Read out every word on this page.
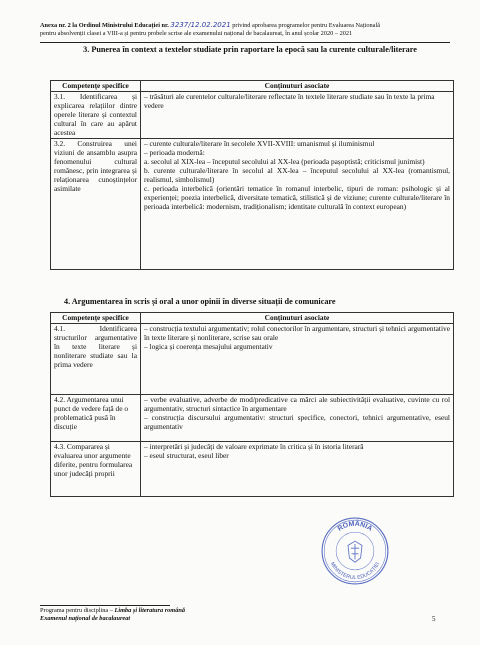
Anexa nr. 2 la Ordinul Ministrului Educației nr. 3237/12.02.2021 privind aprobarea programelor pentru Evaluarea Națională
pentru absolvenții clasei a VIII-a și pentru probele scrise ale examenului național de bacalaureat, în anul școlar 2020 – 2021
3. Punerea în context a textelor studiate prin raportare la epocă sau la curente culturale/literare
Competențe specifice	Conținuturi asociate
3.1. Identificarea și explicarea relațiilor dintre operele literare și contextul cultural în care au apărut acestea	– trăsături ale curentelor culturale/literare reflectate în textele literare studiate sau în texte la prima vedere

3.2. Construirea unei viziuni de ansamblu asupra fenomenului cultural românesc, prin integrarea și relaționarea cunoștințelor asimilate	– curente culturale/literare în secolele XVII-XVIII: umanismul și iluminismul
– perioada modernă:
a. secolul al XIX-lea – începutul secolului al XX-lea (perioada pașoptistă; criticismul junimist)
b. curente culturale/literare în secolul al XX-lea – începutul secolului al XX-lea (romantismul, realismul, simbolismul)
c. perioada interbelică (orientări tematice în romanul interbelic, tipuri de roman: psihologic și al experienței; poezia interbelică, diversitate tematică, stilistică și de viziune; curente culturale/literare în perioada interbelică: modernism, tradiționalism; identitate culturală în context european)
4. Argumentarea în scris și oral a unor opinii în diverse situații de comunicare
Competențe specifice	Conținuturi asociate
4.1. Identificarea structurilor argumentative în texte literare și nonliterare studiate sau la prima vedere	– construcția textului argumentativ; rolul conectorilor în argumentare, structuri și tehnici argumentative în texte literare și nonliterare, scrise sau orale
– logica și coerența mesajului argumentativ

4.2. Argumentarea unui punct de vedere față de o problematică pusă în discuție	– verbe evaluative, adverbe de mod/predicative ca mărci ale subiectivității evaluative, cuvinte cu rol argumentativ, structuri sintactice în argumentare
– construcția discursului argumentativ: structuri specifice, conectori, tehnici argumentative, eseul argumentativ

4.3. Compararea și evaluarea unor argumente diferite, pentru formularea unor judecăți proprii	– interpretări și judecăți de valoare exprimate în critica și în istoria literară
– eseul structurat, eseul liber
ROMÂNIA
MINISTERUL EDUCAȚIEI
Programa pentru disciplina – Limba și literatura română
Examenul național de bacalaureat	5
